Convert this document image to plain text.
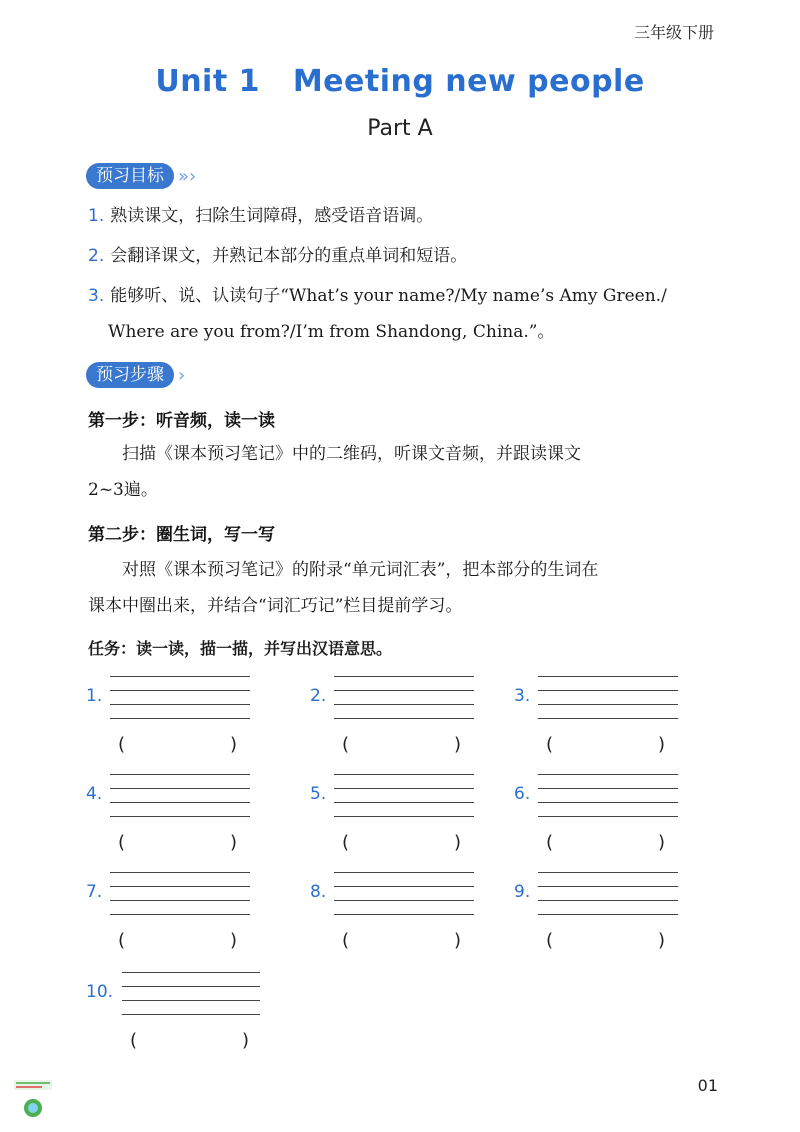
三年级下册
Unit 1   Meeting new people
Part A
预习目标 »›
1. 熟读课文，扫除生词障碍，感受语音语调。
2. 会翻译课文，并熟记本部分的重点单词和短语。
3. 能够听、说、认读句子“What’s your name?/My name’s Amy Green./
Where are you from?/I’m from Shandong, China.”。
预习步骤 ›
第一步：听音频，读一读
扫描《课本预习笔记》中的二维码，听课文音频，并跟读课文
2~3遍。
第二步：圈生词，写一写
对照《课本预习笔记》的附录“单元词汇表”，把本部分的生词在
课本中圈出来，并结合“词汇巧记”栏目提前学习。
任务：读一读，描一描，并写出汉语意思。
1.
(	)
2.
(	)
3.
(	)
4.
(	)
5.
(	)
6.
(	)
7.
(	)
8.
(	)
9.
(	)
10.
(	)
01
